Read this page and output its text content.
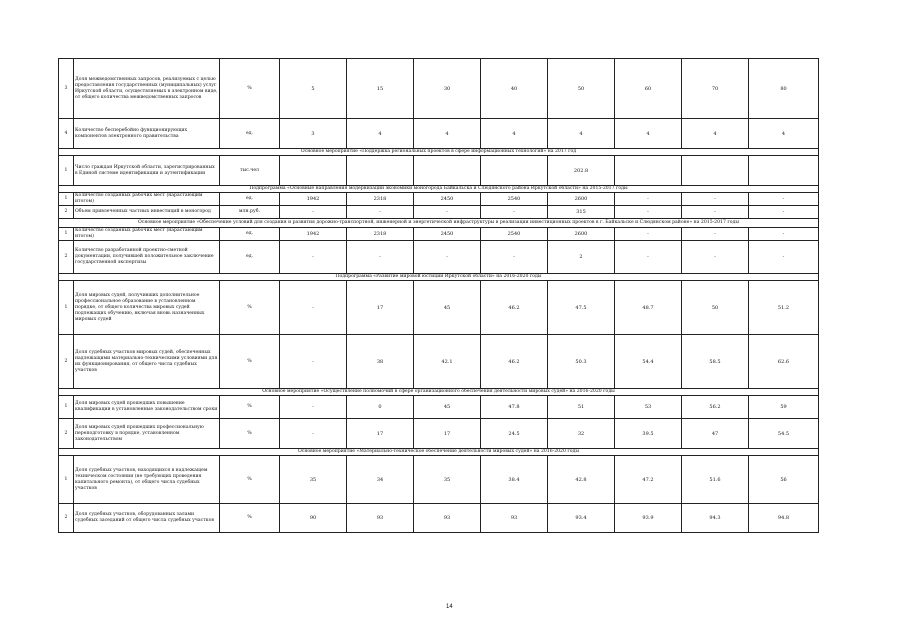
3	Доля межведомственных запросов, реализуемых с целью предоставления государственных (муниципальных) услуг Иркутской области, осуществляемых в электронном виде, от общего количества межведомственных запросов	%	5	15	30	40	50	60	70	80
4	Количество бесперебойно функционирующих компонентов электронного правительства	ед.	3	4	4	4	4	4	4	4
Основное мероприятие «Поддержка региональных проектов в сфере информационных технологий» на 2017 год										
1	Число граждан Иркутской области, зарегистрированных в Единой системе идентификации и аутентификации	тыс.чел					202.8			
Подпрограмма «Основные направления модернизации экономики моногорода Байкальска и Слюдянского района Иркутской области» на 2015-2017 годы										
1	Количество созданных рабочих мест (нарастающим итогом)	ед.	1942	2318	2450	2540	2600	-	-	-
2	Объем привлеченных частных инвестиций в моногород	млн.руб.	-	-	-	-	315	-	-	-
Основное мероприятие «Обеспечение условий для создания и развития дорожно-транспортной, инженерной и энергетической инфраструктуры в реализации инвестиционных проектов в г. Байкальске и Слюдянском районе» на 2015-2017 годы										
1	Количество созданных рабочих мест (нарастающим итогом)	ед.	1942	2318	2450	2540	2600	-	-	-
2	Количество разработанной проектно-сметной документации, получившей положительное заключение государственной экспертизы	ед.	-	-	-	-	2	-	-	-
Подпрограмма «Развитие мировой юстиции Иркутской области» на 2016-2020 годы										
1	Доля мировых судей, получивших дополнительное профессиональное образование в установленном порядке, от общего количества мировых судей подлежащих обучению, включая вновь назначенных мировых судей	%	-	17	45	46.2	47.5	48.7	50	51.2
2	Доля судебных участков мировых судей, обеспеченных надлежащими материально-техническими условиями для их функционирования, от общего числа судебных участков	%	-	38	42.1	46.2	50.3	54.4	58.5	62.6
Основное мероприятие «Осуществление полномочий в сфере организационного обеспечения деятельности мировых судей» на 2016-2020 годы										
1	Доля мировых судей прошедших повышение квалификации в установленные законодательством сроки	%	-	0	45	47.8	51	53	56.2	59
2	Доля мировых судей прошедших профессиональную переподготовку в порядке, установленном законодательством	%	-	17	17	24.5	32	39.5	47	54.5
Основное мероприятие «Материально-техническое обеспечение деятельности мировых судей» на 2016-2020 годы										
1	Доля судебных участков, находящихся в надлежащем техническом состоянии (не требующих проведения капитального ремонта), от общего числа судебных участков	%	35	34	35	38.4	42.8	47.2	51.6	56
2	Доля судебных участков, оборудованных залами судебных заседаний от общего числа судебных участков	%	90	93	93	93	93.4	93.9	94.3	94.8
14
